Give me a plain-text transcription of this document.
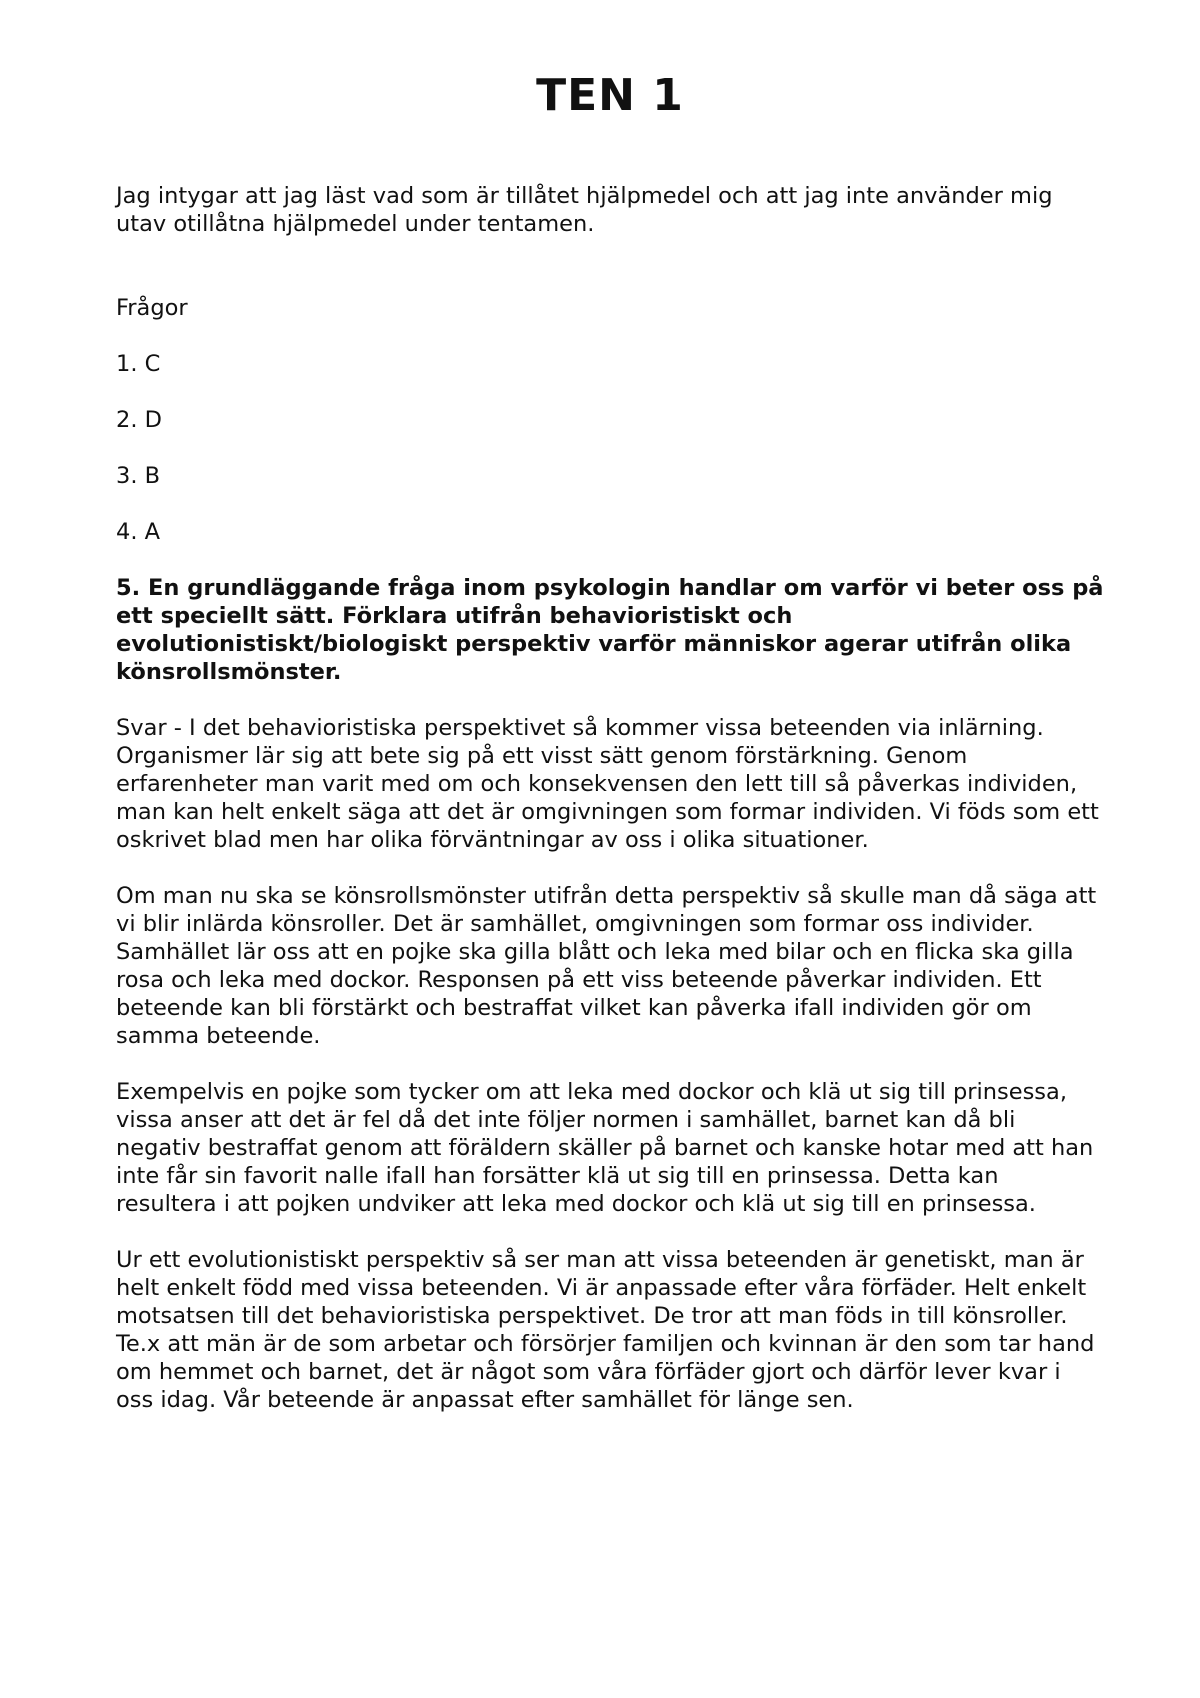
TEN 1

Jag intygar att jag läst vad som är tillåtet hjälpmedel och att jag inte använder mig utav otillåtna hjälpmedel under tentamen.

Frågor

1. C

2. D

3. B

4. A

5. En grundläggande fråga inom psykologin handlar om varför vi beter oss på ett speciellt sätt. Förklara utifrån behavioristiskt och evolutionistiskt/biologiskt perspektiv varför människor agerar utifrån olika könsrollsmönster.

Svar - I det behavioristiska perspektivet så kommer vissa beteenden via inlärning. Organismer lär sig att bete sig på ett visst sätt genom förstärkning. Genom erfarenheter man varit med om och konsekvensen den lett till så påverkas individen, man kan helt enkelt säga att det är omgivningen som formar individen. Vi föds som ett oskrivet blad men har olika förväntningar av oss i olika situationer.

Om man nu ska se könsrollsmönster utifrån detta perspektiv så skulle man då säga att vi blir inlärda könsroller. Det är samhället, omgivningen som formar oss individer. Samhället lär oss att en pojke ska gilla blått och leka med bilar och en flicka ska gilla rosa och leka med dockor. Responsen på ett viss beteende påverkar individen. Ett beteende kan bli förstärkt och bestraffat vilket kan påverka ifall individen gör om samma beteende.

Exempelvis en pojke som tycker om att leka med dockor och klä ut sig till prinsessa, vissa anser att det är fel då det inte följer normen i samhället, barnet kan då bli negativ bestraffat genom att föräldern skäller på barnet och kanske hotar med att han inte får sin favorit nalle ifall han forsätter klä ut sig till en prinsessa. Detta kan resultera i att pojken undviker att leka med dockor och klä ut sig till en prinsessa.

Ur ett evolutionistiskt perspektiv så ser man att vissa beteenden är genetiskt, man är helt enkelt född med vissa beteenden. Vi är anpassade efter våra förfäder. Helt enkelt motsatsen till det behavioristiska perspektivet. De tror att man föds in till könsroller. Te.x att män är de som arbetar och försörjer familjen och kvinnan är den som tar hand om hemmet och barnet, det är något som våra förfäder gjort och därför lever kvar i oss idag. Vår beteende är anpassat efter samhället för länge sen.
